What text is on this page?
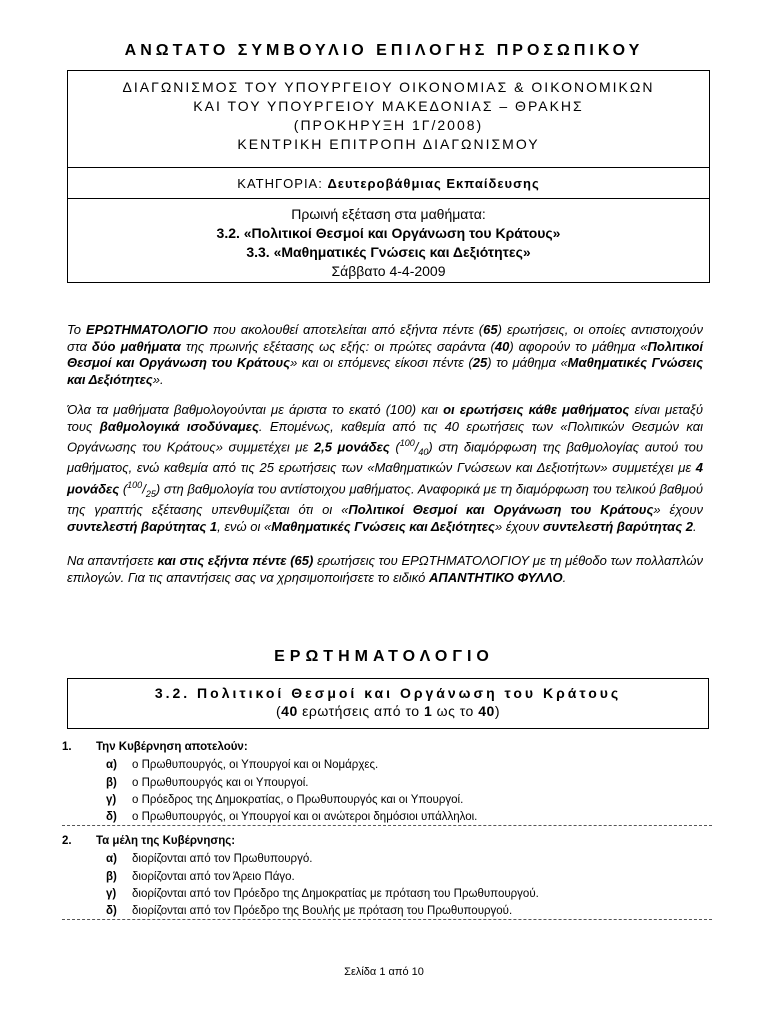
ΑΝΩΤΑΤΟ ΣΥΜΒΟΥΛΙΟ ΕΠΙΛΟΓΗΣ ΠΡΟΣΩΠΙΚΟΥ
ΔΙΑΓΩΝΙΣΜΟΣ ΤΟΥ ΥΠΟΥΡΓΕΙΟΥ ΟΙΚΟΝΟΜΙΑΣ & ΟΙΚΟΝΟΜΙΚΩΝ
ΚΑΙ ΤΟΥ ΥΠΟΥΡΓΕΙΟΥ ΜΑΚΕΔΟΝΙΑΣ – ΘΡΑΚΗΣ
(ΠΡΟΚΗΡΥΞΗ 1Γ/2008)
ΚΕΝΤΡΙΚΗ ΕΠΙΤΡΟΠΗ ΔΙΑΓΩΝΙΣΜΟΥ
ΚΑΤΗΓΟΡΙΑ: Δευτεροβάθμιας Εκπαίδευσης
Πρωινή εξέταση στα μαθήματα:
3.2. «Πολιτικοί Θεσμοί και Οργάνωση του Κράτους»
3.3. «Μαθηματικές Γνώσεις και Δεξιότητες»
Σάββατο 4-4-2009
Το ΕΡΩΤΗΜΑΤΟΛΟΓΙΟ που ακολουθεί αποτελείται από εξήντα πέντε (65) ερωτήσεις, οι οποίες αντιστοιχούν στα δύο μαθήματα της πρωινής εξέτασης ως εξής: οι πρώτες σαράντα (40) αφορούν το μάθημα «Πολιτικοί Θεσμοί και Οργάνωση του Κράτους» και οι επόμενες είκοσι πέντε (25) το μάθημα «Μαθηματικές Γνώσεις και Δεξιότητες».
Όλα τα μαθήματα βαθμολογούνται με άριστα το εκατό (100) και οι ερωτήσεις κάθε μαθήματος είναι μεταξύ τους βαθμολογικά ισοδύναμες. Επομένως, καθεμία από τις 40 ερωτήσεις των «Πολιτικών Θεσμών και Οργάνωσης του Κράτους» συμμετέχει με 2,5 μονάδες $(^{100}/_{40})$ στη διαμόρφωση της βαθμολογίας αυτού του μαθήματος, ενώ καθεμία από τις 25 ερωτήσεις των «Μαθηματικών Γνώσεων και Δεξιοτήτων» συμμετέχει με 4 μονάδες $(^{100}/_{25})$ στη βαθμολογία του αντίστοιχου μαθήματος. Αναφορικά με τη διαμόρφωση του τελικού βαθμού της γραπτής εξέτασης υπενθυμίζεται ότι οι «Πολιτικοί Θεσμοί και Οργάνωση του Κράτους» έχουν συντελεστή βαρύτητας 1, ενώ οι «Μαθηματικές Γνώσεις και Δεξιότητες» έχουν συντελεστή βαρύτητας 2.
Να απαντήσετε και στις εξήντα πέντε (65) ερωτήσεις του ΕΡΩΤΗΜΑΤΟΛΟΓΙΟΥ με τη μέθοδο των πολλαπλών επιλογών. Για τις απαντήσεις σας να χρησιμοποιήσετε το ειδικό ΑΠΑΝΤΗΤΙΚΟ ΦΥΛΛΟ.
ΕΡΩΤΗΜΑΤΟΛΟΓΙΟ
3.2. Πολιτικοί Θεσμοί και Οργάνωση του Κράτους
(40 ερωτήσεις από το 1 ως το 40)
1. Την Κυβέρνηση αποτελούν:
α) ο Πρωθυπουργός, οι Υπουργοί και οι Νομάρχες.
β) ο Πρωθυπουργός και οι Υπουργοί.
γ) ο Πρόεδρος της Δημοκρατίας, ο Πρωθυπουργός και οι Υπουργοί.
δ) ο Πρωθυπουργός, οι Υπουργοί και οι ανώτεροι δημόσιοι υπάλληλοι.
2. Τα μέλη της Κυβέρνησης:
α) διορίζονται από τον Πρωθυπουργό.
β) διορίζονται από τον Άρειο Πάγο.
γ) διορίζονται από τον Πρόεδρο της Δημοκρατίας με πρόταση του Πρωθυπουργού.
δ) διορίζονται από τον Πρόεδρο της Βουλής με πρόταση του Πρωθυπουργού.
Σελίδα 1 από 10
